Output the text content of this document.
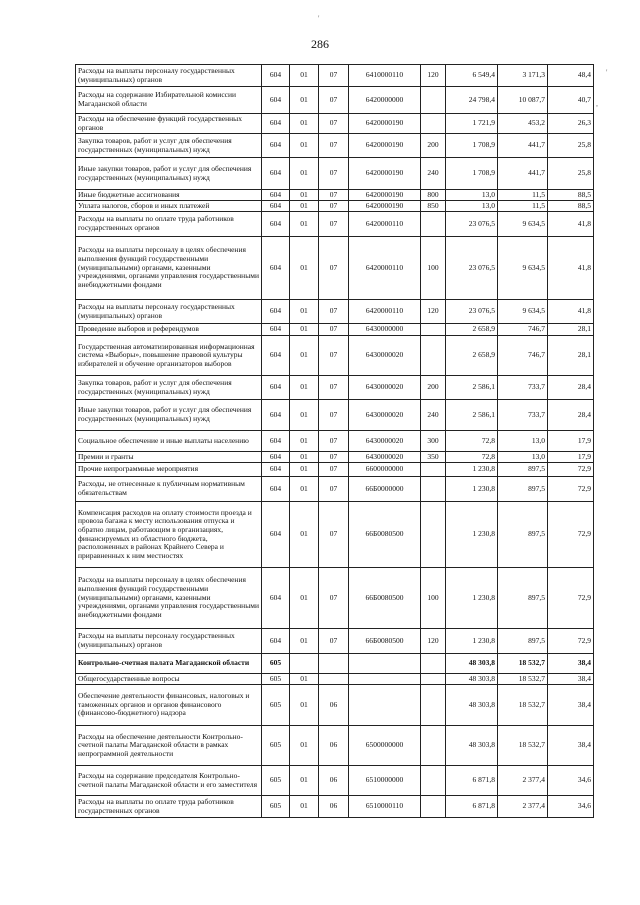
'
'
,
286
Расходы на выплаты персоналу государственных (муниципальных) органов	604	01	07	6410000110	120	6 549,4	3 171,3	48,4
Расходы на содержание Избирательной комиссии Магаданской области	604	01	07	6420000000		24 798,4	10 087,7	40,7
Расходы на обеспечение функций государственных органов	604	01	07	6420000190		1 721,9	453,2	26,3
Закупка товаров, работ и услуг для обеспечения государственных (муниципальных) нужд	604	01	07	6420000190	200	1 708,9	441,7	25,8
Иные закупки товаров, работ и услуг для обеспечения государственных (муниципальных) нужд	604	01	07	6420000190	240	1 708,9	441,7	25,8
Иные бюджетные ассигнования	604	01	07	6420000190	800	13,0	11,5	88,5
Уплата налогов, сборов и иных платежей	604	01	07	6420000190	850	13,0	11,5	88,5
Расходы на выплаты по оплате труда работников государственных органов	604	01	07	6420000110		23 076,5	9 634,5	41,8
Расходы на выплаты персоналу в целях обеспечения выполнения функций государственными (муниципальными) органами, казенными учреждениями, органами управления государственными внебюджетными фондами	604	01	07	6420000110	100	23 076,5	9 634,5	41,8
Расходы на выплаты персоналу государственных (муниципальных) органов	604	01	07	6420000110	120	23 076,5	9 634,5	41,8
Проведение выборов и референдумов	604	01	07	6430000000		2 658,9	746,7	28,1
Государственная автоматизированная информационная система «Выборы», повышение правовой культуры избирателей и обучение организаторов выборов	604	01	07	6430000020		2 658,9	746,7	28,1
Закупка товаров, работ и услуг для обеспечения государственных (муниципальных) нужд	604	01	07	6430000020	200	2 586,1	733,7	28,4
Иные закупки товаров, работ и услуг для обеспечения государственных (муниципальных) нужд	604	01	07	6430000020	240	2 586,1	733,7	28,4
Социальное обеспечение и иные выплаты населению	604	01	07	6430000020	300	72,8	13,0	17,9
Премии и гранты	604	01	07	6430000020	350	72,8	13,0	17,9
Прочие непрограммные мероприятия	604	01	07	6600000000		1 230,8	897,5	72,9
Расходы, не отнесенные к публичным нормативным обязательствам	604	01	07	66Б0000000		1 230,8	897,5	72,9
Компенсация расходов на оплату стоимости проезда и провоза багажа к месту использования отпуска и обратно лицам, работающим в организациях, финансируемых из областного бюджета, расположенных в районах Крайнего Севера и приравненных к ним местностях	604	01	07	66Б0080500		1 230,8	897,5	72,9
Расходы на выплаты персоналу в целях обеспечения выполнения функций государственными (муниципальными) органами, казенными учреждениями, органами управления государственными внебюджетными фондами	604	01	07	66Б0080500	100	1 230,8	897,5	72,9
Расходы на выплаты персоналу государственных (муниципальных) органов	604	01	07	66Б0080500	120	1 230,8	897,5	72,9
Контрольно-счетная палата Магаданской области	605					48 303,8	18 532,7	38,4
Общегосударственные вопросы	605	01				48 303,8	18 532,7	38,4
Обеспечение деятельности финансовых, налоговых и таможенных органов и органов финансового (финансово-бюджетного) надзора	605	01	06			48 303,8	18 532,7	38,4
Расходы на обеспечение деятельности Контрольно-счетной палаты Магаданской области в рамках непрограммной деятельности	605	01	06	6500000000		48 303,8	18 532,7	38,4
Расходы на содержание председателя Контрольно-счетной палаты Магаданской области и его заместителя	605	01	06	6510000000		6 871,8	2 377,4	34,6
Расходы на выплаты по оплате труда работников государственных органов	605	01	06	6510000110		6 871,8	2 377,4	34,6
